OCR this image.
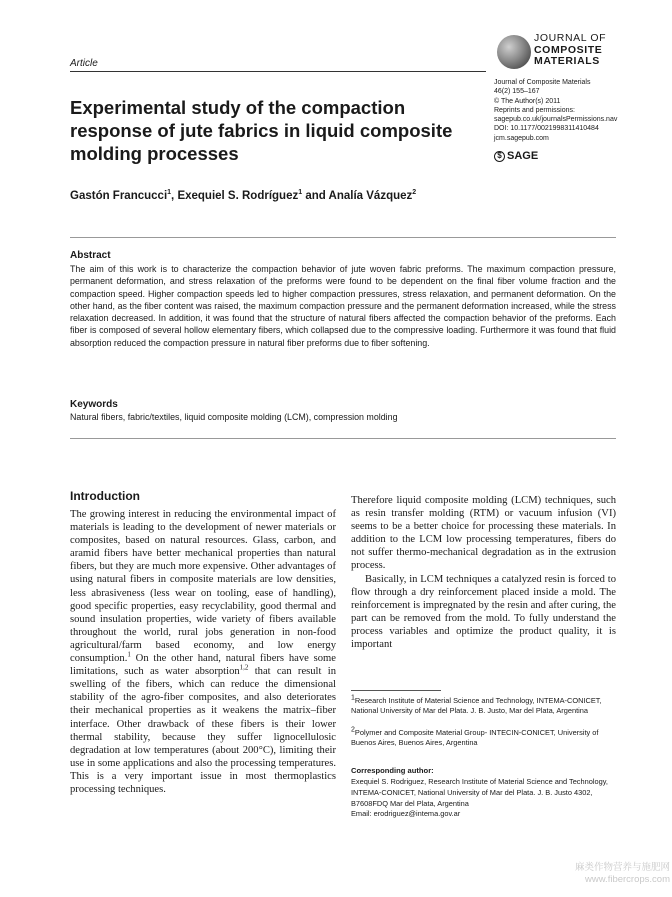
Article
JOURNAL OF
COMPOSITE
MATERIALS
Journal of Composite Materials
46(2) 155–167
© The Author(s) 2011
Reprints and permissions:
sagepub.co.uk/journalsPermissions.nav
DOI: 10.1177/0021998311410484
jcm.sagepub.com
$ SAGE
Experimental study of the compaction response of jute fabrics in liquid composite molding processes
Gastón Francucci$^1$, Exequiel S. Rodríguez$^1$ and Analía Vázquez$^2$
Abstract

The aim of this work is to characterize the compaction behavior of jute woven fabric preforms. The maximum compaction pressure, permanent deformation, and stress relaxation of the preforms were found to be dependent on the final fiber volume fraction and the compaction speed. Higher compaction speeds led to higher compaction pressures, stress relaxation, and permanent deformation. On the other hand, as the fiber content was raised, the maximum compaction pressure and the permanent deformation increased, while the stress relaxation decreased. In addition, it was found that the structure of natural fibers affected the compaction behavior of the preforms. Each fiber is composed of several hollow elementary fibers, which collapsed due to the compressive loading. Furthermore it was found that fluid absorption reduced the compaction pressure in natural fiber preforms due to fiber softening.

Keywords

Natural fibers, fabric/textiles, liquid composite molding (LCM), compression molding

Introduction

The growing interest in reducing the environmental impact of materials is leading to the development of newer materials or composites, based on natural resources. Glass, carbon, and aramid fibers have better mechanical properties than natural fibers, but they are much more expensive. Other advantages of using natural fibers in composite materials are low densities, less abrasiveness (less wear on tooling, ease of handling), good specific properties, easy recyclability, good thermal and sound insulation properties, wide variety of fibers available throughout the world, rural jobs generation in non-food agricultural/farm based economy, and low energy consumption.$^1$ On the other hand, natural fibers have some limitations, such as water absorption$^{1,2}$ that can result in swelling of the fibers, which can reduce the dimensional stability of the agro-fiber composites, and also deteriorates their mechanical properties as it weakens the matrix–fiber interface. Other drawback of these fibers is their lower thermal stability, because they suffer lignocellulosic degradation at low temperatures (about 200°C), limiting their use in some applications and also the processing temperatures. This is a very important issue in most thermoplastics processing techniques.

Therefore liquid composite molding (LCM) techniques, such as resin transfer molding (RTM) or vacuum infusion (VI) seems to be a better choice for processing these materials. In addition to the LCM low processing temperatures, fibers do not suffer thermo-mechanical degradation as in the extrusion process.

Basically, in LCM techniques a catalyzed resin is forced to flow through a dry reinforcement placed inside a mold. The reinforcement is impregnated by the resin and after curing, the part can be removed from the mold. To fully understand the process variables and optimize the product quality, it is important

$^1$Research Institute of Material Science and Technology, INTEMA-CONICET, National University of Mar del Plata. J. B. Justo, Mar del Plata, Argentina
$^2$Polymer and Composite Material Group- INTECIN-CONICET, University of Buenos Aires, Buenos Aires, Argentina
Corresponding author:
Exequiel S. Rodriguez, Research Institute of Material Science and Technology, INTEMA-CONICET, National University of Mar del Plata. J. B. Justo 4302, B7608FDQ Mar del Plata, Argentina
Email: erodriguez@intema.gov.ar
麻类作物营养与施肥网
www.fibercrops.com
